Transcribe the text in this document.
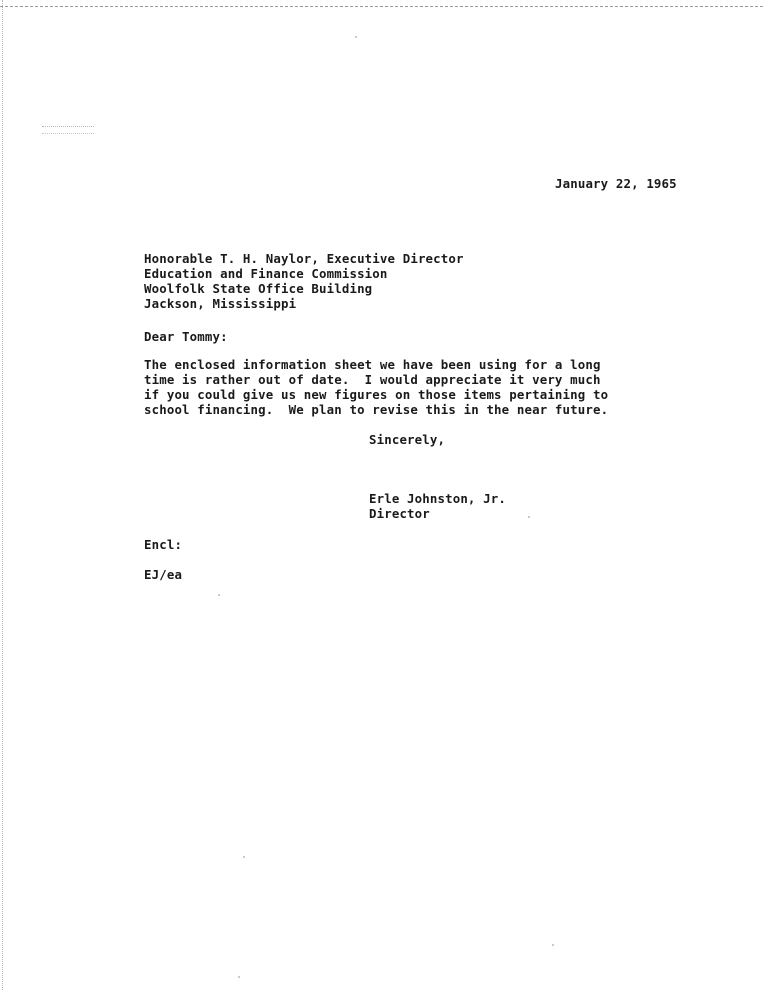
January 22, 1965
Honorable T. H. Naylor, Executive Director
Education and Finance Commission
Woolfolk State Office Building
Jackson, Mississippi
Dear Tommy:
The enclosed information sheet we have been using for a long
time is rather out of date.  I would appreciate it very much
if you could give us new figures on those items pertaining to
school financing.  We plan to revise this in the near future.
Sincerely,
Erle Johnston, Jr.
Director
Encl:
EJ/ea
